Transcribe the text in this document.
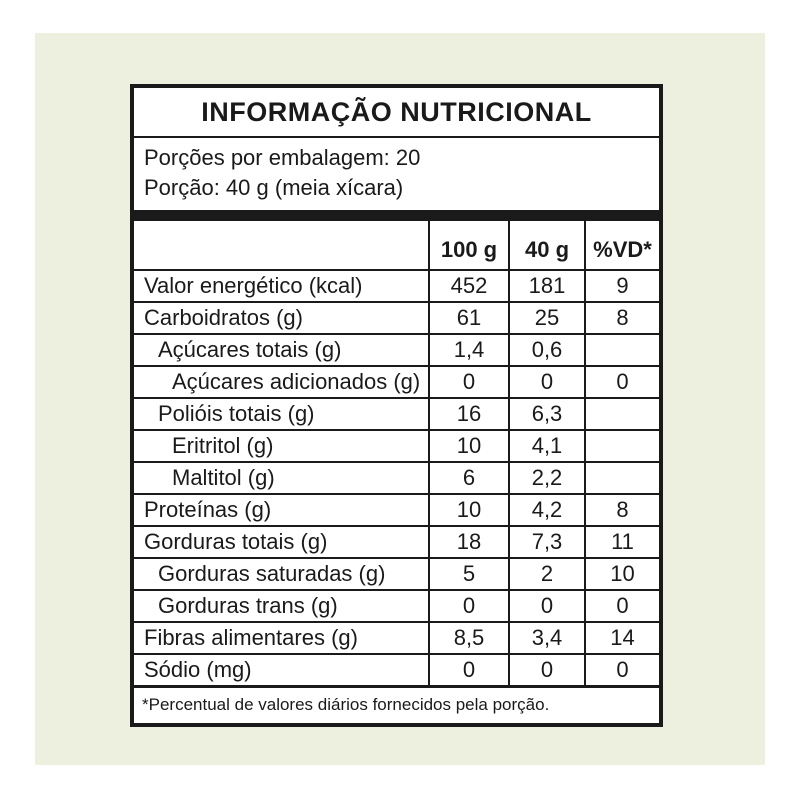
INFORMAÇÃO NUTRICIONAL
Porções por embalagem: 20
Porção: 40 g (meia xícara)
100 g	40 g	%VD*
Valor energético (kcal)	452	181	9
Carboidratos (g)	61	25	8
Açúcares totais (g)	1,4	0,6
Açúcares adicionados (g)	0	0	0
Polióis totais (g)	16	6,3
Eritritol (g)	10	4,1
Maltitol (g)	6	2,2
Proteínas (g)	10	4,2	8
Gorduras totais (g)	18	7,3	11
Gorduras saturadas (g)	5	2	10
Gorduras trans (g)	0	0	0
Fibras alimentares (g)	8,5	3,4	14
Sódio (mg)	0	0	0
*Percentual de valores diários fornecidos pela porção.
